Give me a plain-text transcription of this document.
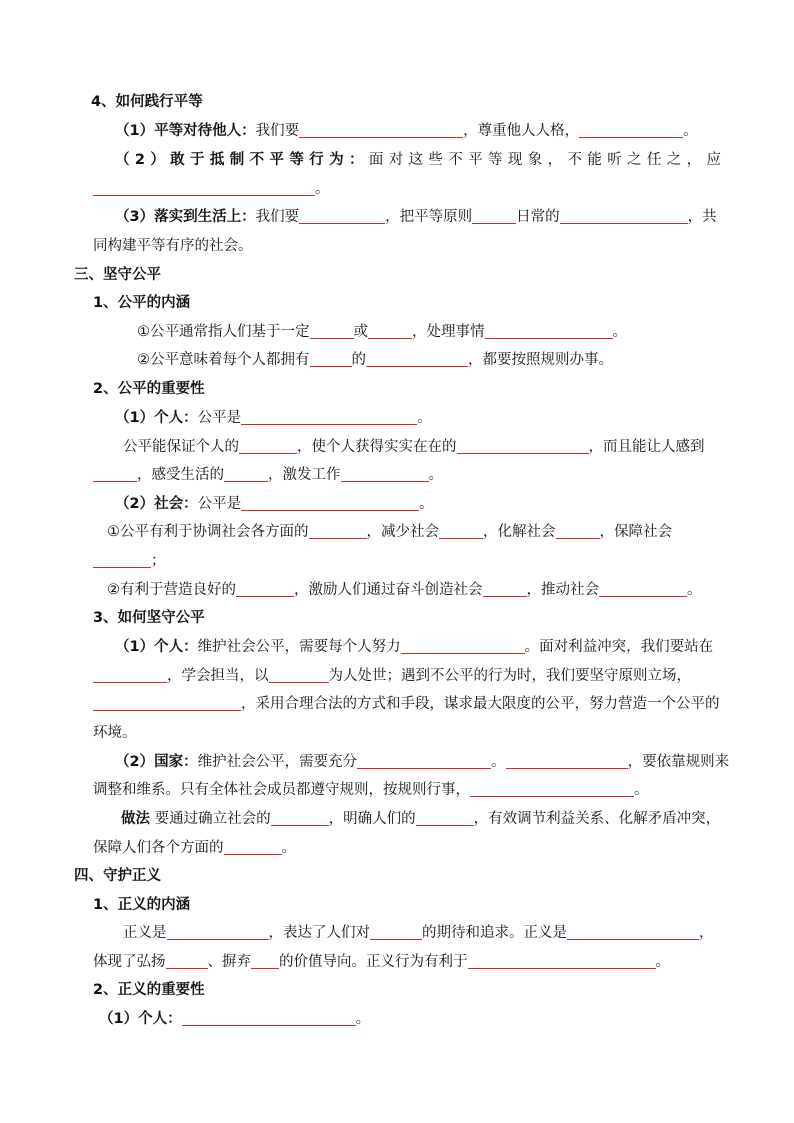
4、如何践行平等
（1）平等对待他人：我们要	，尊重他人人格，	。
（2）敢于抵制不平等行为：面对这些不平等现象，不能听之任之，应
。
（3）落实到生活上：我们要	，把平等原则	日常的	，共
同构建平等有序的社会。
三、坚守公平
1、公平的内涵
①公平通常指人们基于一定	或	，处理事情	。
②公平意味着每个人都拥有	的	，都要按照规则办事。
2、公平的重要性
（1）个人：公平是	。
公平能保证个人的	，使个人获得实实在在的	，而且能让人感到
，感受生活的	，激发工作	。
（2）社会：公平是	。
①公平有利于协调社会各方面的	，减少社会	，化解社会	，保障社会
；
②有利于营造良好的	，激励人们通过奋斗创造社会	，推动社会	。
3、如何坚守公平
（1）个人：维护社会公平，需要每个人努力	。面对利益冲突，我们要站在
，学会担当，以	为人处世；遇到不公平的行为时，我们要坚守原则立场，
，采用合理合法的方式和手段，谋求最大限度的公平，努力营造一个公平的
环境。
（2）国家：维护社会公平，需要充分	。	，要依靠规则来
调整和维系。只有全体社会成员都遵守规则，按规则行事，	。
做法 要通过确立社会的	，明确人们的	，有效调节利益关系、化解矛盾冲突，
保障人们各个方面的	。
四、守护正义
1、正义的内涵
正义是	，表达了人们对	的期待和追求。正义是	，
体现了弘扬	、摒弃 的价值导向。正义行为有利于	。
2、正义的重要性
（1）个人：	。
